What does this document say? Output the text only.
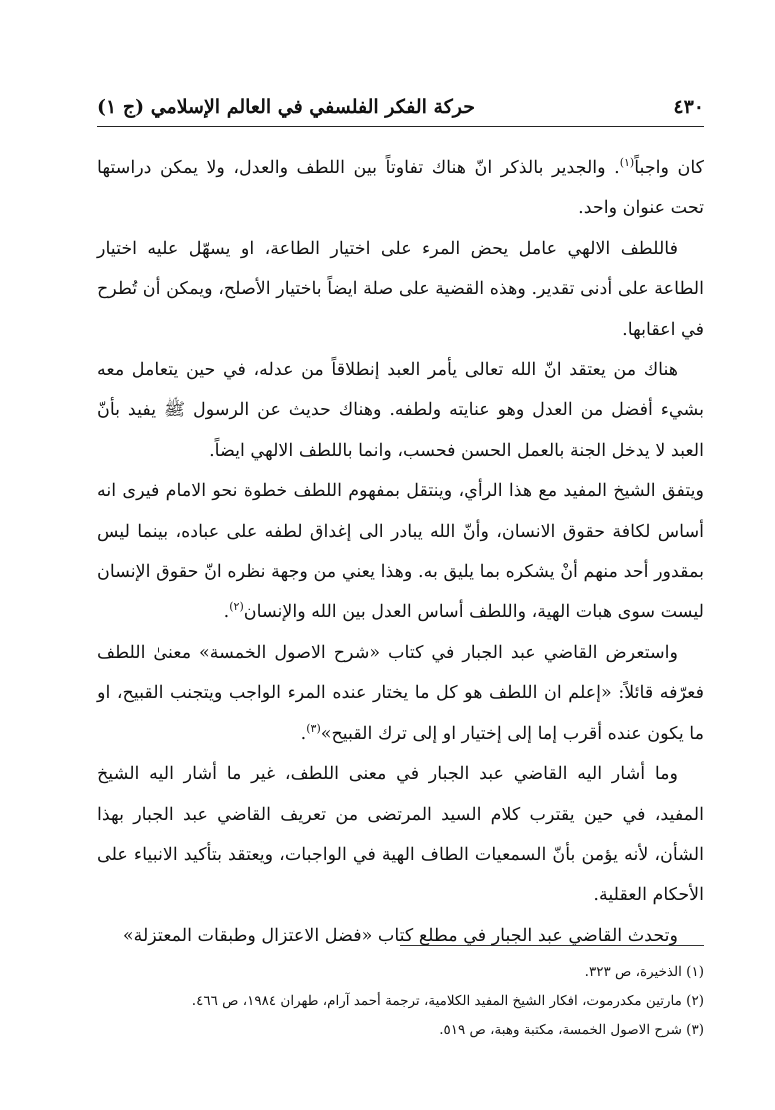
٤٣٠
حركة الفكر الفلسفي في العالم الإسلامي (ج ١)

كان واجباً$^{(١)}$. والجدير بالذكر انّ هناك تفاوتاً بين اللطف والعدل، ولا يمكن دراستها تحت عنوان واحد.

فاللطف الالهي عامل يحض المرء على اختيار الطاعة، او يسهّل عليه اختيار الطاعة على أدنى تقدير. وهذه القضية على صلة ايضاً باختيار الأصلح، ويمكن أن تُطرح في اعقابها.

هناك من يعتقد انّ الله تعالى يأمر العبد إنطلاقاً من عدله، في حين يتعامل معه بشيء أفضل من العدل وهو عنايته ولطفه. وهناك حديث عن الرسول ﷺ يفيد بأنّ العبد لا يدخل الجنة بالعمل الحسن فحسب، وانما باللطف الالهي ايضاً.

ويتفق الشيخ المفيد مع هذا الرأي، وينتقل بمفهوم اللطف خطوة نحو الامام فيرى انه أساس لكافة حقوق الانسان، وأنّ الله يبادر الى إغداق لطفه على عباده، بينما ليس بمقدور أحد منهم أنْ يشكره بما يليق به. وهذا يعني من وجهة نظره انّ حقوق الإنسان ليست سوى هبات الهية، واللطف أساس العدل بين الله والإنسان$^{(٢)}$.

واستعرض القاضي عبد الجبار في كتاب «شرح الاصول الخمسة» معنىٰ اللطف فعرّفه قائلاً: «إعلم ان اللطف هو كل ما يختار عنده المرء الواجب ويتجنب القبيح، او ما يكون عنده أقرب إما إلى إختيار او إلى ترك القبيح»$^{(٣)}$.

وما أشار اليه القاضي عبد الجبار في معنى اللطف، غير ما أشار اليه الشيخ المفيد، في حين يقترب كلام السيد المرتضى من تعريف القاضي عبد الجبار بهذا الشأن، لأنه يؤمن بأنّ السمعيات الطاف الهية في الواجبات، ويعتقد بتأكيد الانبياء على الأحكام العقلية.

وتحدث القاضي عبد الجبار في مطلع كتاب «فضل الاعتزال وطبقات المعتزلة»

(١) الذخيرة، ص ٣٢٣.
(٢) مارتين مكدرموت، افكار الشيخ المفيد الكلامية، ترجمة أحمد آرام، طهران ١٩٨٤، ص ٤٦٦.
(٣) شرح الاصول الخمسة، مكتبة وهبة، ص ٥١٩.
